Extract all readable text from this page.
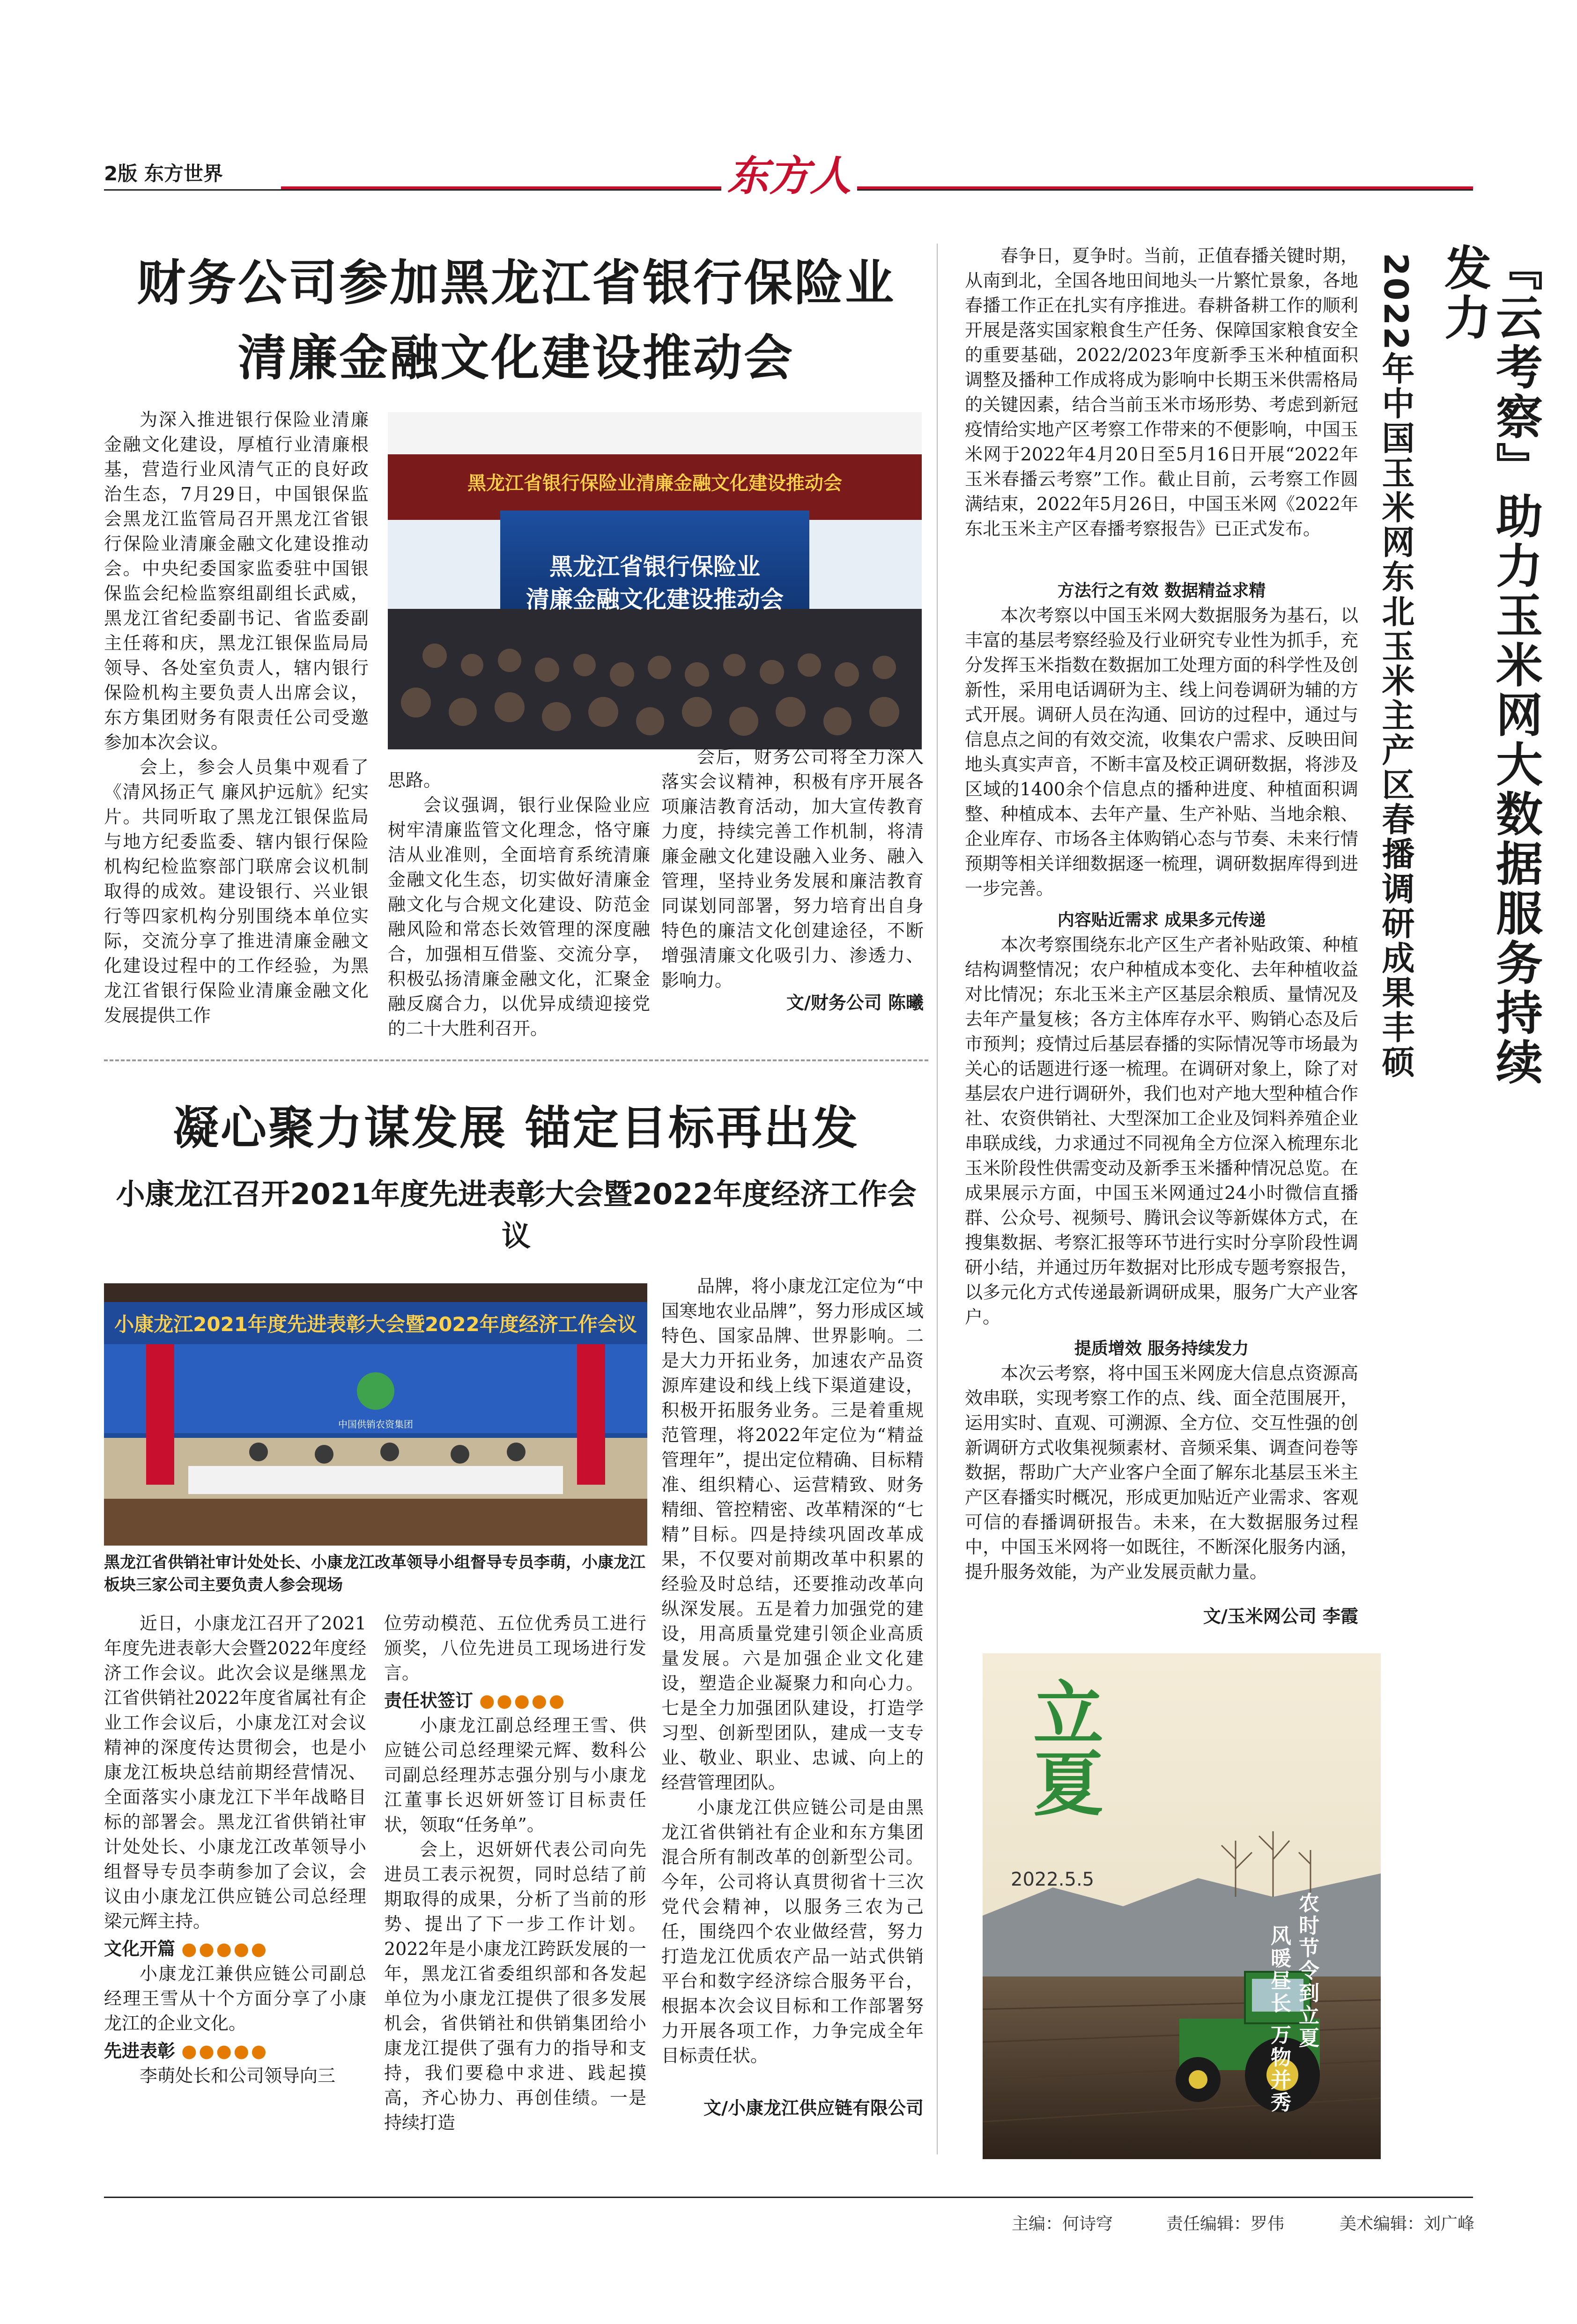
2版 东方世界	东方人
财务公司参加黑龙江省银行保险业
清廉金融文化建设推动会

为深入推进银行保险业清廉金融文化建设，厚植行业清廉根基，营造行业风清气正的良好政治生态，7月29日，中国银保监会黑龙江监管局召开黑龙江省银行保险业清廉金融文化建设推动会。中央纪委国家监委驻中国银保监会纪检监察组副组长武威，黑龙江省纪委副书记、省监委副主任蒋和庆，黑龙江银保监局局领导、各处室负责人，辖内银行保险机构主要负责人出席会议，东方集团财务有限责任公司受邀参加本次会议。

会上，参会人员集中观看了《清风扬正气 廉风护远航》纪实片。共同听取了黑龙江银保监局与地方纪委监委、辖内银行保险机构纪检监察部门联席会议机制取得的成效。建设银行、兴业银行等四家机构分别围绕本单位实际，交流分享了推进清廉金融文化建设过程中的工作经验，为黑龙江省银行保险业清廉金融文化发展提供工作

黑龙江省银行保险业清廉金融文化建设推动会
黑龙江省银行保险业
清廉金融文化建设推动会
思路。

会议强调，银行业保险业应树牢清廉监管文化理念，恪守廉洁从业准则，全面培育系统清廉金融文化生态，切实做好清廉金融文化与合规文化建设、防范金融风险和常态长效管理的深度融合，加强相互借鉴、交流分享，积极弘扬清廉金融文化，汇聚金融反腐合力，以优异成绩迎接党的二十大胜利召开。

会后，财务公司将全力深入落实会议精神，积极有序开展各项廉洁教育活动，加大宣传教育力度，持续完善工作机制，将清廉金融文化建设融入业务、融入管理，坚持业务发展和廉洁教育同谋划同部署，努力培育出自身特色的廉洁文化创建途径，不断增强清廉文化吸引力、渗透力、影响力。

文/财务公司 陈曦
凝心聚力谋发展 锚定目标再出发
小康龙江召开2021年度先进表彰大会暨2022年度经济工作会议
小康龙江2021年度先进表彰大会暨2022年度经济工作会议
中国供销农资集团
黑龙江省供销社审计处处长、小康龙江改革领导小组督导专员李萌，小康龙江板块三家公司主要负责人参会现场

近日，小康龙江召开了2021年度先进表彰大会暨2022年度经济工作会议。此次会议是继黑龙江省供销社2022年度省属社有企业工作会议后，小康龙江对会议精神的深度传达贯彻会，也是小康龙江板块总结前期经营情况、全面落实小康龙江下半年战略目标的部署会。黑龙江省供销社审计处处长、小康龙江改革领导小组督导专员李萌参加了会议，会议由小康龙江供应链公司总经理梁元辉主持。

文化开篇 ●●●●●

小康龙江兼供应链公司副总经理王雪从十个方面分享了小康龙江的企业文化。

先进表彰 ●●●●●

李萌处长和公司领导向三

位劳动模范、五位优秀员工进行颁奖，八位先进员工现场进行发言。
责任状签订 ●●●●●

小康龙江副总经理王雪、供应链公司总经理梁元辉、数科公司副总经理苏志强分别与小康龙江董事长迟妍妍签订目标责任状，领取“任务单”。

会上，迟妍妍代表公司向先进员工表示祝贺，同时总结了前期取得的成果，分析了当前的形势、提出了下一步工作计划。2022年是小康龙江跨跃发展的一年，黑龙江省委组织部和各发起单位为小康龙江提供了很多发展机会，省供销社和供销集团给小康龙江提供了强有力的指导和支持，我们要稳中求进、践起摸高，齐心协力、再创佳绩。一是持续打造

品牌，将小康龙江定位为“中国寒地农业品牌”，努力形成区域特色、国家品牌、世界影响。二是大力开拓业务，加速农产品资源库建设和线上线下渠道建设，积极开拓服务业务。三是着重规范管理，将2022年定位为“精益管理年”，提出定位精确、目标精准、组织精心、运营精致、财务精细、管控精密、改革精深的“七精”目标。四是持续巩固改革成果，不仅要对前期改革中积累的经验及时总结，还要推动改革向纵深发展。五是着力加强党的建设，用高质量党建引领企业高质量发展。六是加强企业文化建设，塑造企业凝聚力和向心力。七是全力加强团队建设，打造学习型、创新型团队，建成一支专业、敬业、职业、忠诚、向上的经营管理团队。

小康龙江供应链公司是由黑龙江省供销社有企业和东方集团混合所有制改革的创新型公司。今年，公司将认真贯彻省十三次党代会精神，以服务三农为己任，围绕四个农业做经营，努力打造龙江优质农产品一站式供销平台和数字经济综合服务平台，根据本次会议目标和工作部署努力开展各项工作，力争完成全年目标责任状。

文/小康龙江供应链有限公司
『云考察』助力玉米网大数据服务持续发力
2022年中国玉米网东北玉米主产区春播调研成果丰硕

春争日，夏争时。当前，正值春播关键时期，从南到北，全国各地田间地头一片繁忙景象，各地春播工作正在扎实有序推进。春耕备耕工作的顺利开展是落实国家粮食生产任务、保障国家粮食安全的重要基础，2022/2023年度新季玉米种植面积调整及播种工作成将成为影响中长期玉米供需格局的关键因素，结合当前玉米市场形势、考虑到新冠疫情给实地产区考察工作带来的不便影响，中国玉米网于2022年4月20日至5月16日开展“2022年玉米春播云考察”工作。截止目前，云考察工作圆满结束，2022年5月26日，中国玉米网《2022年东北玉米主产区春播考察报告》已正式发布。

方法行之有效 数据精益求精

本次考察以中国玉米网大数据服务为基石，以丰富的基层考察经验及行业研究专业性为抓手，充分发挥玉米指数在数据加工处理方面的科学性及创新性，采用电话调研为主、线上问卷调研为辅的方式开展。调研人员在沟通、回访的过程中，通过与信息点之间的有效交流，收集农户需求、反映田间地头真实声音，不断丰富及校正调研数据，将涉及区域的1400余个信息点的播种进度、种植面积调整、种植成本、去年产量、生产补贴、当地余粮、企业库存、市场各主体购销心态与节奏、未来行情预期等相关详细数据逐一梳理，调研数据库得到进一步完善。

内容贴近需求 成果多元传递

本次考察围绕东北产区生产者补贴政策、种植结构调整情况；农户种植成本变化、去年种植收益对比情况；东北玉米主产区基层余粮质、量情况及去年产量复核；各方主体库存水平、购销心态及后市预判；疫情过后基层春播的实际情况等市场最为关心的话题进行逐一梳理。在调研对象上，除了对基层农户进行调研外，我们也对产地大型种植合作社、农资供销社、大型深加工企业及饲料养殖企业串联成线，力求通过不同视角全方位深入梳理东北玉米阶段性供需变动及新季玉米播种情况总览。在成果展示方面，中国玉米网通过24小时微信直播群、公众号、视频号、腾讯会议等新媒体方式，在搜集数据、考察汇报等环节进行实时分享阶段性调研小结，并通过历年数据对比形成专题考察报告，以多元化方式传递最新调研成果，服务广大产业客户。

提质增效 服务持续发力

本次云考察，将中国玉米网庞大信息点资源高效串联，实现考察工作的点、线、面全范围展开，运用实时、直观、可溯源、全方位、交互性强的创新调研方式收集视频素材、音频采集、调查问卷等数据，帮助广大产业客户全面了解东北基层玉米主产区春播实时概况，形成更加贴近产业需求、客观可信的春播调研报告。未来，在大数据服务过程中，中国玉米网将一如既往，不断深化服务内涵，提升服务效能，为产业发展贡献力量。

文/玉米网公司 李霞
立夏
2022.5.5
农时节令到立夏
风暖昼长 万物并秀
主编：何诗穹	责任编辑：罗伟	美术编辑：刘广峰
